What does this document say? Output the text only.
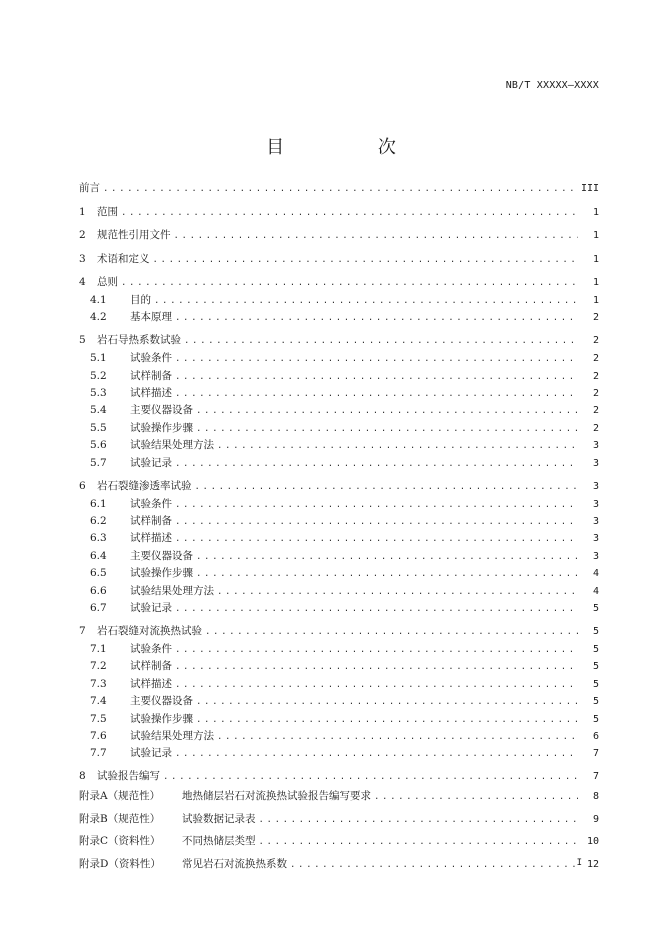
NB/T XXXXX—XXXX
目 次
前言 . . .	III
1	范围 . . .	1
2	规范性引用文件 . . .	1
3	术语和定义 . . .	1
4	总则 . . .	1
4.1	目的 . . .	1
4.2	基本原理 . . .	2
5	岩石导热系数试验 . . .	2
5.1	试验条件 . . .	2
5.2	试样制备 . . .	2
5.3	试样描述 . . .	2
5.4	主要仪器设备 . . .	2
5.5	试验操作步骤 . . .	2
5.6	试验结果处理方法 . . .	3
5.7	试验记录 . . .	3
6	岩石裂缝渗透率试验 . . .	3
6.1	试验条件 . . .	3
6.2	试样制备 . . .	3
6.3	试样描述 . . .	3
6.4	主要仪器设备 . . .	3
6.5	试验操作步骤 . . .	4
6.6	试验结果处理方法 . . .	4
6.7	试验记录 . . .	5
7	岩石裂缝对流换热试验 . . .	5
7.1	试验条件 . . .	5
7.2	试样制备 . . .	5
7.3	试样描述 . . .	5
7.4	主要仪器设备 . . .	5
7.5	试验操作步骤 . . .	5
7.6	试验结果处理方法 . . .	6
7.7	试验记录 . . .	7
8	试验报告编写 . . .	7
附录A（规范性）	地热储层岩石对流换热试验报告编写要求 . . .	8
附录B（规范性）	试验数据记录表 . . .	9
附录C（资料性）	不同热储层类型 . . .	10
附录D（资料性）	常见岩石对流换热系数 . . .	12
I
